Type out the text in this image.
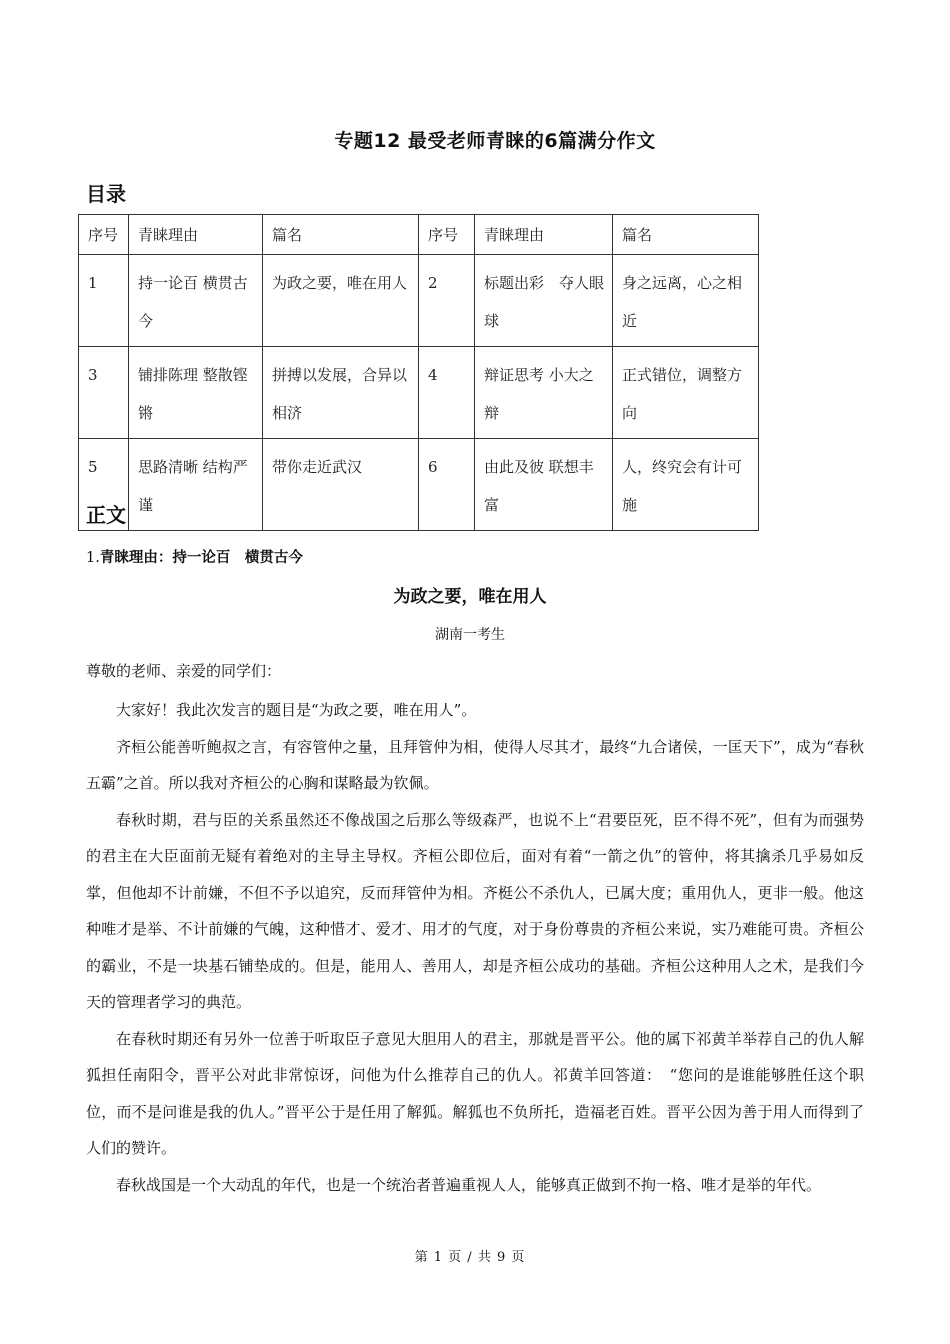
专题12 最受老师青睐的6篇满分作文
目录
序号	青睐理由	篇名	序号	青睐理由	篇名
1	持一论百 横贯古今	为政之要，唯在用人	2	标题出彩　夺人眼球	身之远离，心之相近
3	铺排陈理 整散铿锵	拼搏以发展，合异以相济	4	辩证思考 小大之辩	正式错位，调整方向
5	思路清晰 结构严谨	带你走近武汉	6	由此及彼 联想丰富	人，终究会有计可施
正文
1.青睐理由：持一论百　横贯古今
为政之要，唯在用人
湖南一考生
尊敬的老师、亲爱的同学们：

大家好！我此次发言的题目是“为政之要，唯在用人”。

齐桓公能善听鲍叔之言，有容管仲之量，且拜管仲为相，使得人尽其才，最终“九合诸侯，一匡天下”，成为“春秋五霸”之首。所以我对齐桓公的心胸和谋略最为钦佩。

春秋时期，君与臣的关系虽然还不像战国之后那么等级森严，也说不上“君要臣死，臣不得不死”，但有为而强势的君主在大臣面前无疑有着绝对的主导主导权。齐桓公即位后，面对有着“一箭之仇”的管仲，将其擒杀几乎易如反掌，但他却不计前嫌，不但不予以追究，反而拜管仲为相。齐梃公不杀仇人，已属大度；重用仇人，更非一般。他这种唯才是举、不计前嫌的气魄，这种惜才、爱才、用才的气度，对于身份尊贵的齐桓公来说，实乃难能可贵。齐桓公的霸业，不是一块基石铺垫成的。但是，能用人、善用人，却是齐桓公成功的基础。齐桓公这种用人之术，是我们今天的管理者学习的典范。

在春秋时期还有另外一位善于听取臣子意见大胆用人的君主，那就是晋平公。他的属下祁黄羊举荐自己的仇人解狐担任南阳令，晋平公对此非常惊讶，问他为什么推荐自己的仇人。祁黄羊回答道：　“您问的是谁能够胜任这个职位，而不是问谁是我的仇人。”晋平公于是任用了解狐。解狐也不负所托，造福老百姓。晋平公因为善于用人而得到了人们的赞许。

春秋战国是一个大动乱的年代，也是一个统治者普遍重视人人，能够真正做到不拘一格、唯才是举的年代。

第 1 页 / 共 9 页
